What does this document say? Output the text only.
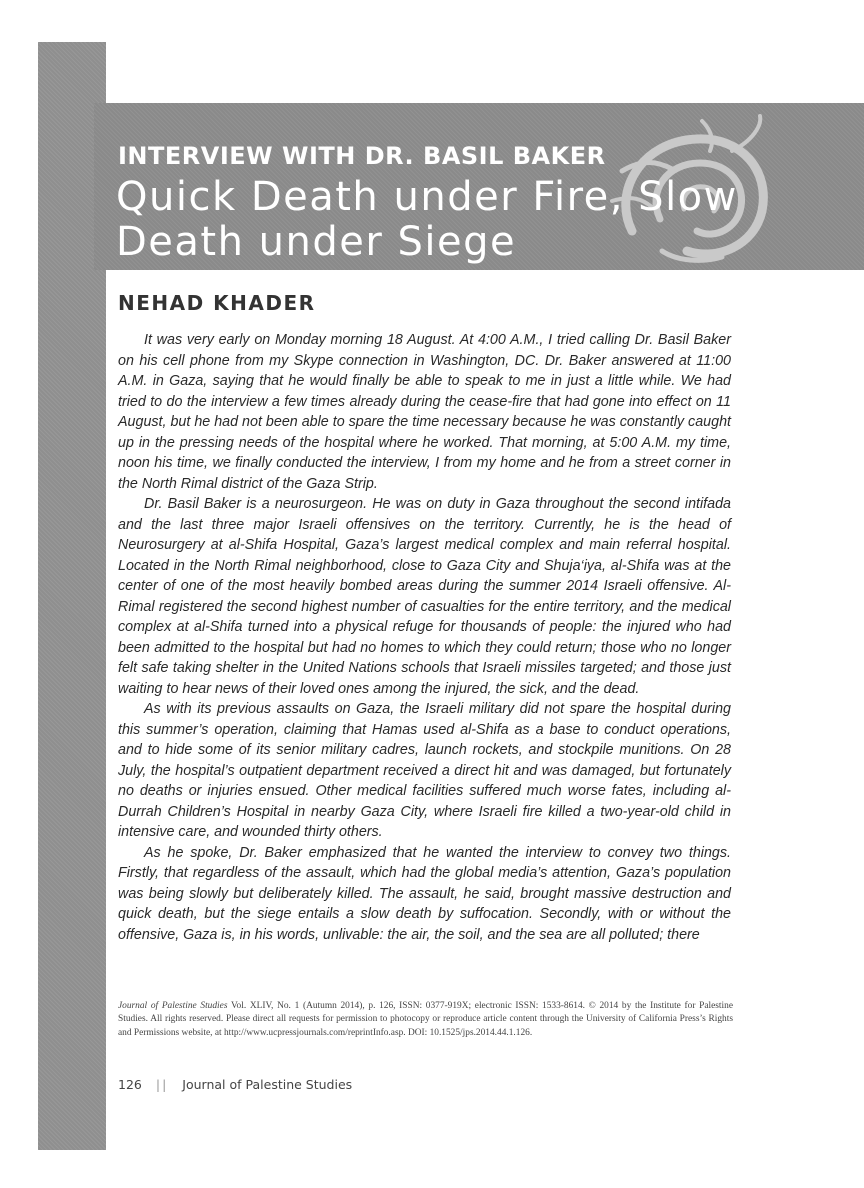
INTERVIEW WITH DR. BASIL BAKER
Quick Death under Fire, Slow Death under Siege
NEHAD KHADER

It was very early on Monday morning 18 August. At 4:00 A.M., I tried calling Dr. Basil Baker on his cell phone from my Skype connection in Washington, DC. Dr. Baker answered at 11:00 A.M. in Gaza, saying that he would finally be able to speak to me in just a little while. We had tried to do the interview a few times already during the cease-fire that had gone into effect on 11 August, but he had not been able to spare the time necessary because he was constantly caught up in the pressing needs of the hospital where he worked. That morning, at 5:00 A.M. my time, noon his time, we finally conducted the interview, I from my home and he from a street corner in the North Rimal district of the Gaza Strip.

Dr. Basil Baker is a neurosurgeon. He was on duty in Gaza throughout the second intifada and the last three major Israeli offensives on the territory. Currently, he is the head of Neurosurgery at al-Shifa Hospital, Gaza’s largest medical complex and main referral hospital. Located in the North Rimal neighborhood, close to Gaza City and Shuja‘iya, al-Shifa was at the center of one of the most heavily bombed areas during the summer 2014 Israeli offensive. Al-Rimal registered the second highest number of casualties for the entire territory, and the medical complex at al-Shifa turned into a physical refuge for thousands of people: the injured who had been admitted to the hospital but had no homes to which they could return; those who no longer felt safe taking shelter in the United Nations schools that Israeli missiles targeted; and those just waiting to hear news of their loved ones among the injured, the sick, and the dead.

As with its previous assaults on Gaza, the Israeli military did not spare the hospital during this summer’s operation, claiming that Hamas used al-Shifa as a base to conduct operations, and to hide some of its senior military cadres, launch rockets, and stockpile munitions. On 28 July, the hospital’s outpatient department received a direct hit and was damaged, but fortunately no deaths or injuries ensued. Other medical facilities suffered much worse fates, including al-Durrah Children’s Hospital in nearby Gaza City, where Israeli fire killed a two-year-old child in intensive care, and wounded thirty others.

As he spoke, Dr. Baker emphasized that he wanted the interview to convey two things. Firstly, that regardless of the assault, which had the global media’s attention, Gaza’s population was being slowly but deliberately killed. The assault, he said, brought massive destruction and quick death, but the siege entails a slow death by suffocation. Secondly, with or without the offensive, Gaza is, in his words, unlivable: the air, the soil, and the sea are all polluted; there

Journal of Palestine Studies Vol. XLIV, No. 1 (Autumn 2014), p. 126, ISSN: 0377-919X; electronic ISSN: 1533-8614. © 2014 by the Institute for Palestine Studies. All rights reserved. Please direct all requests for permission to photocopy or reproduce article content through the University of California Press’s Rights and Permissions website, at http://www.ucpressjournals.com/reprintInfo.asp. DOI: 10.1525/jps.2014.44.1.126.

126 || Journal of Palestine Studies
